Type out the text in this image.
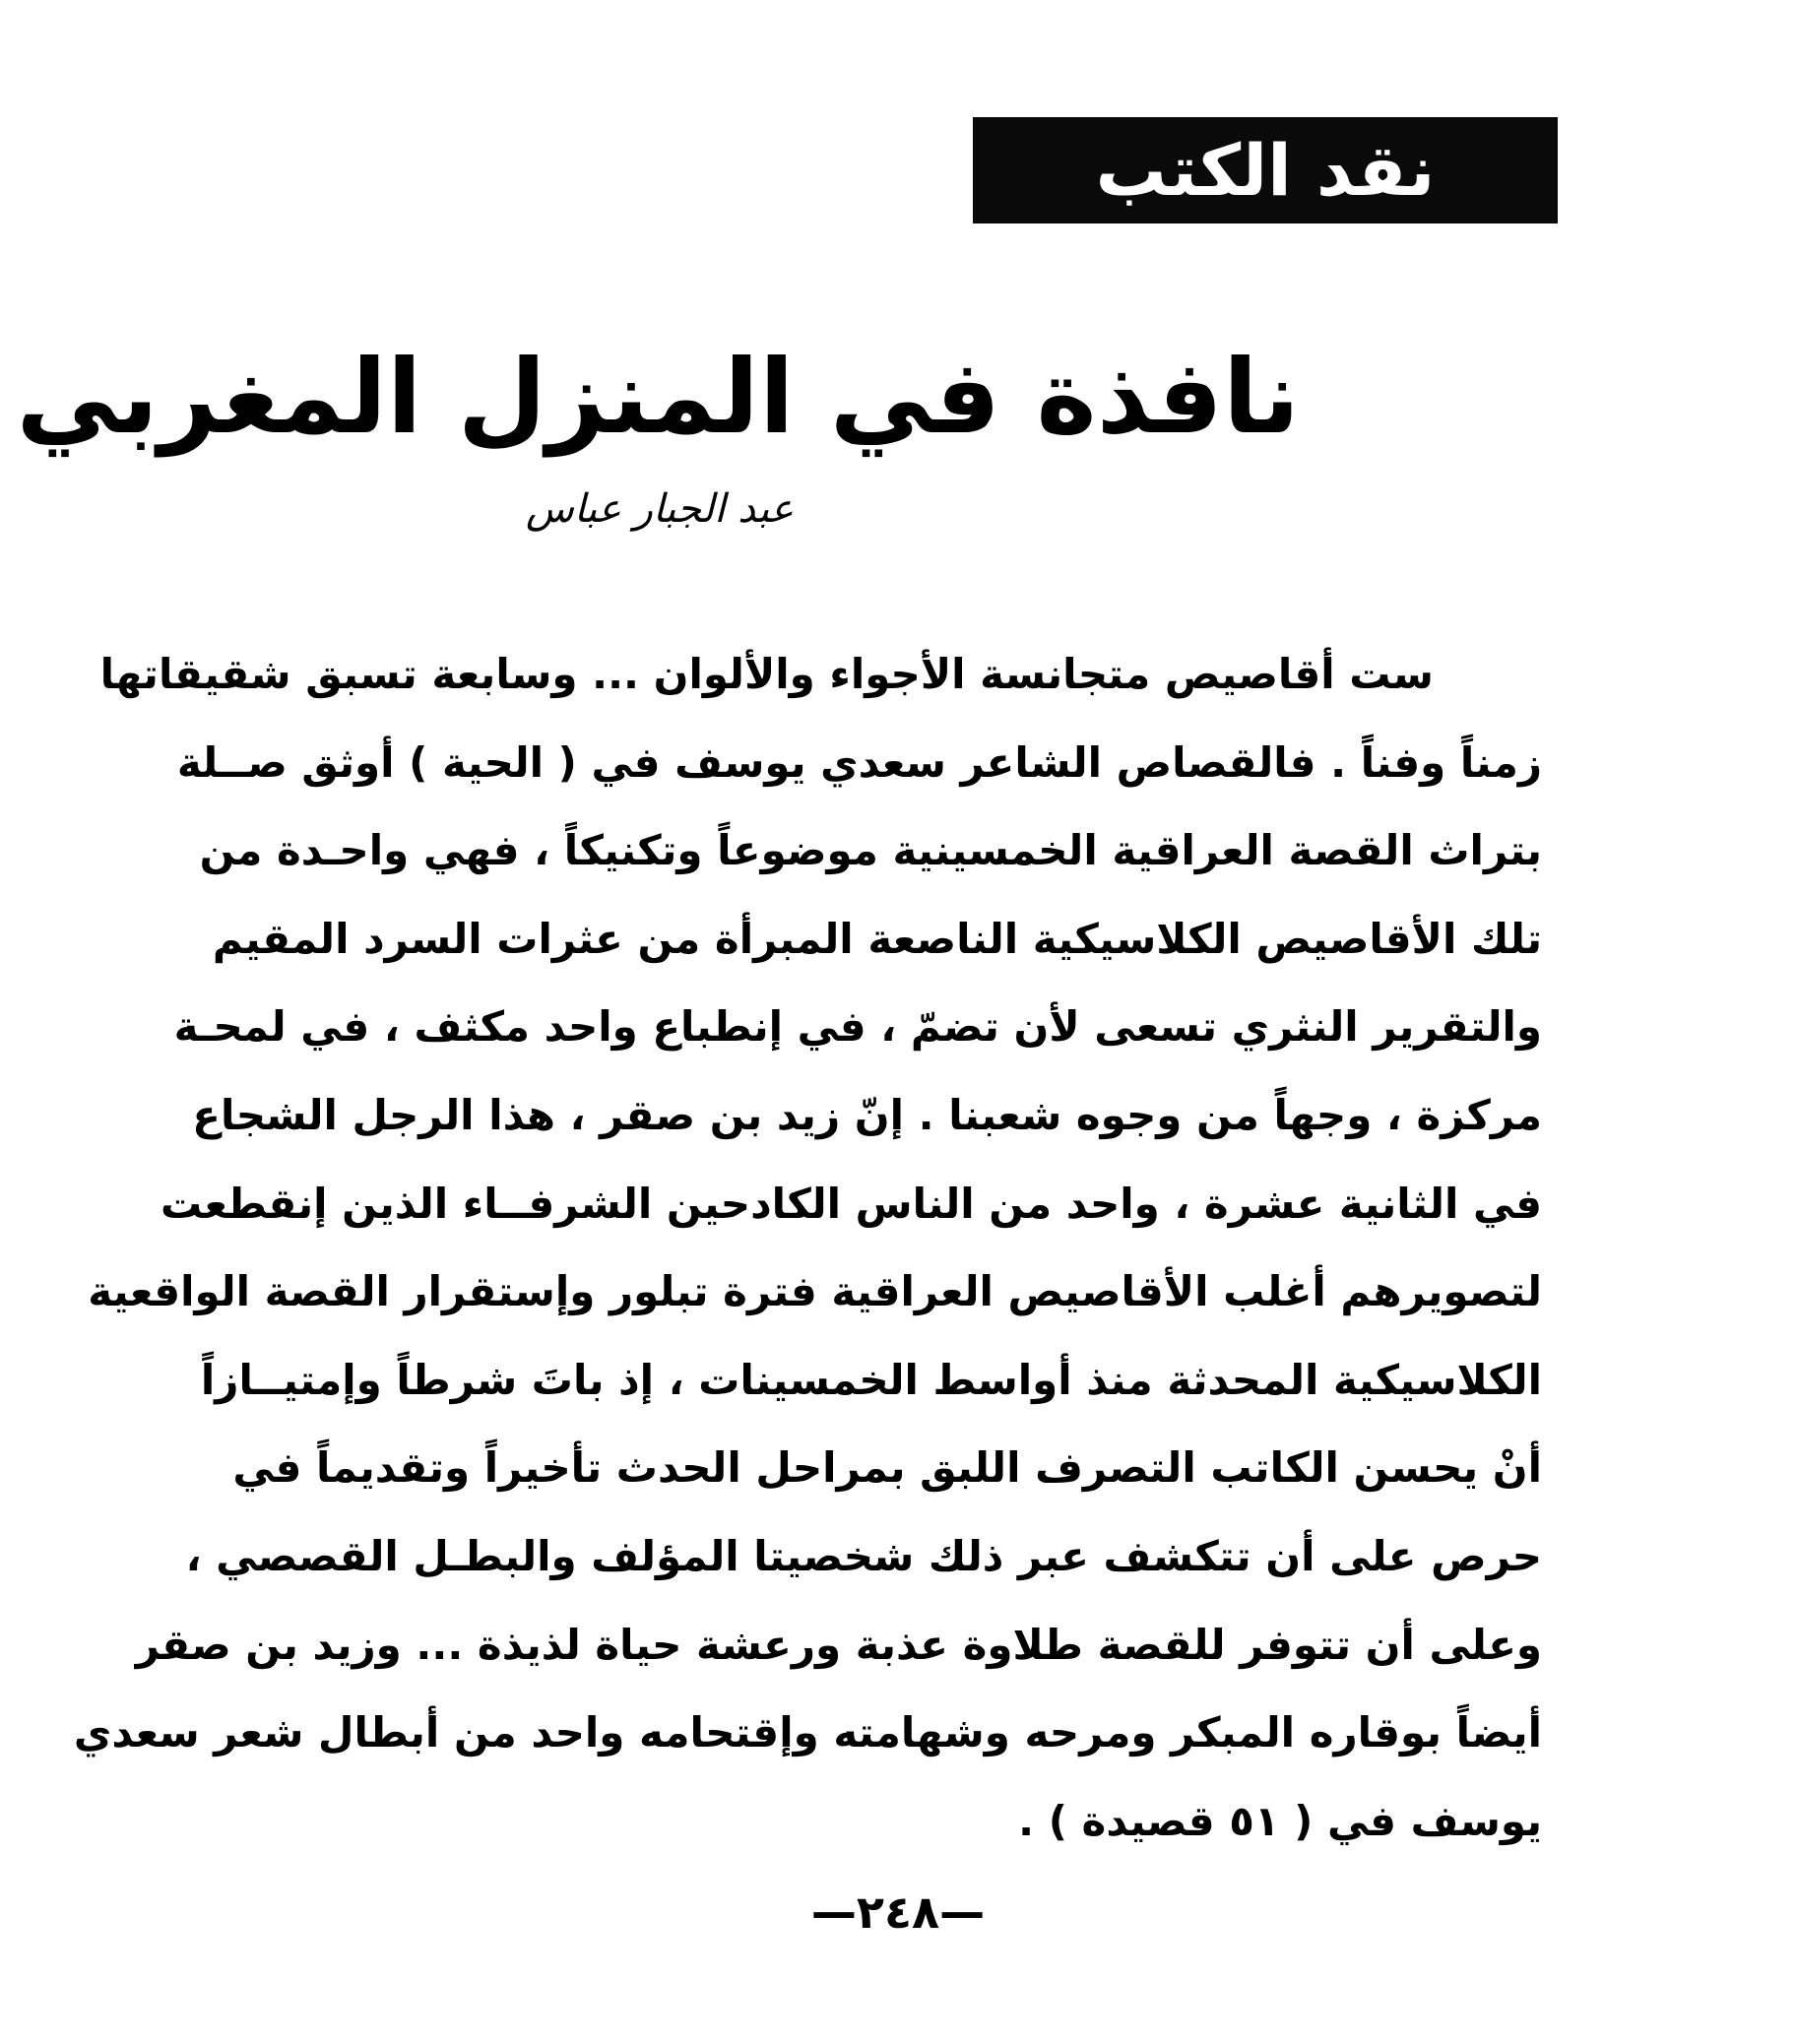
نقد الكتب
نافذة في المنزل المغربي
عبد الجبار عباس
ست أقاصيص متجانسة الأجواء والألوان ... وسابعة تسبق شقيقاتها
زمناً وفناً . فالقصاص الشاعر سعدي يوسف في ( الحية ) أوثق صــلة
بتراث القصة العراقية الخمسينية موضوعاً وتكنيكاً ، فهي واحـدة من
تلك الأقاصيص الكلاسيكية الناصعة المبرأة من عثرات السرد المقيم
والتقرير النثري تسعى لأن تضمّ ، في إنطباع واحد مكثف ، في لمحـة
مركزة ، وجهاً من وجوه شعبنا . إنّ زيد بن صقر ، هذا الرجل الشجاع
في الثانية عشرة ، واحد من الناس الكادحين الشرفــاء الذين إنقطعت
لتصويرهم أغلب الأقاصيص العراقية فترة تبلور وإستقرار القصة الواقعية
الكلاسيكية المحدثة منذ أواسط الخمسينات ، إذ باتَ شرطاً وإمتيــازاً
أنْ يحسن الكاتب التصرف اللبق بمراحل الحدث تأخيراً وتقديماً في
حرص على أن تتكشف عبر ذلك شخصيتا المؤلف والبطـل القصصي ،
وعلى أن تتوفر للقصة طلاوة عذبة ورعشة حياة لذيذة ... وزيد بن صقر
أيضاً بوقاره المبكر ومرحه وشهامته وإقتحامه واحد من أبطال شعر سعدي
يوسف في ( ٥١ قصيدة ) .
—٢٤٨—
